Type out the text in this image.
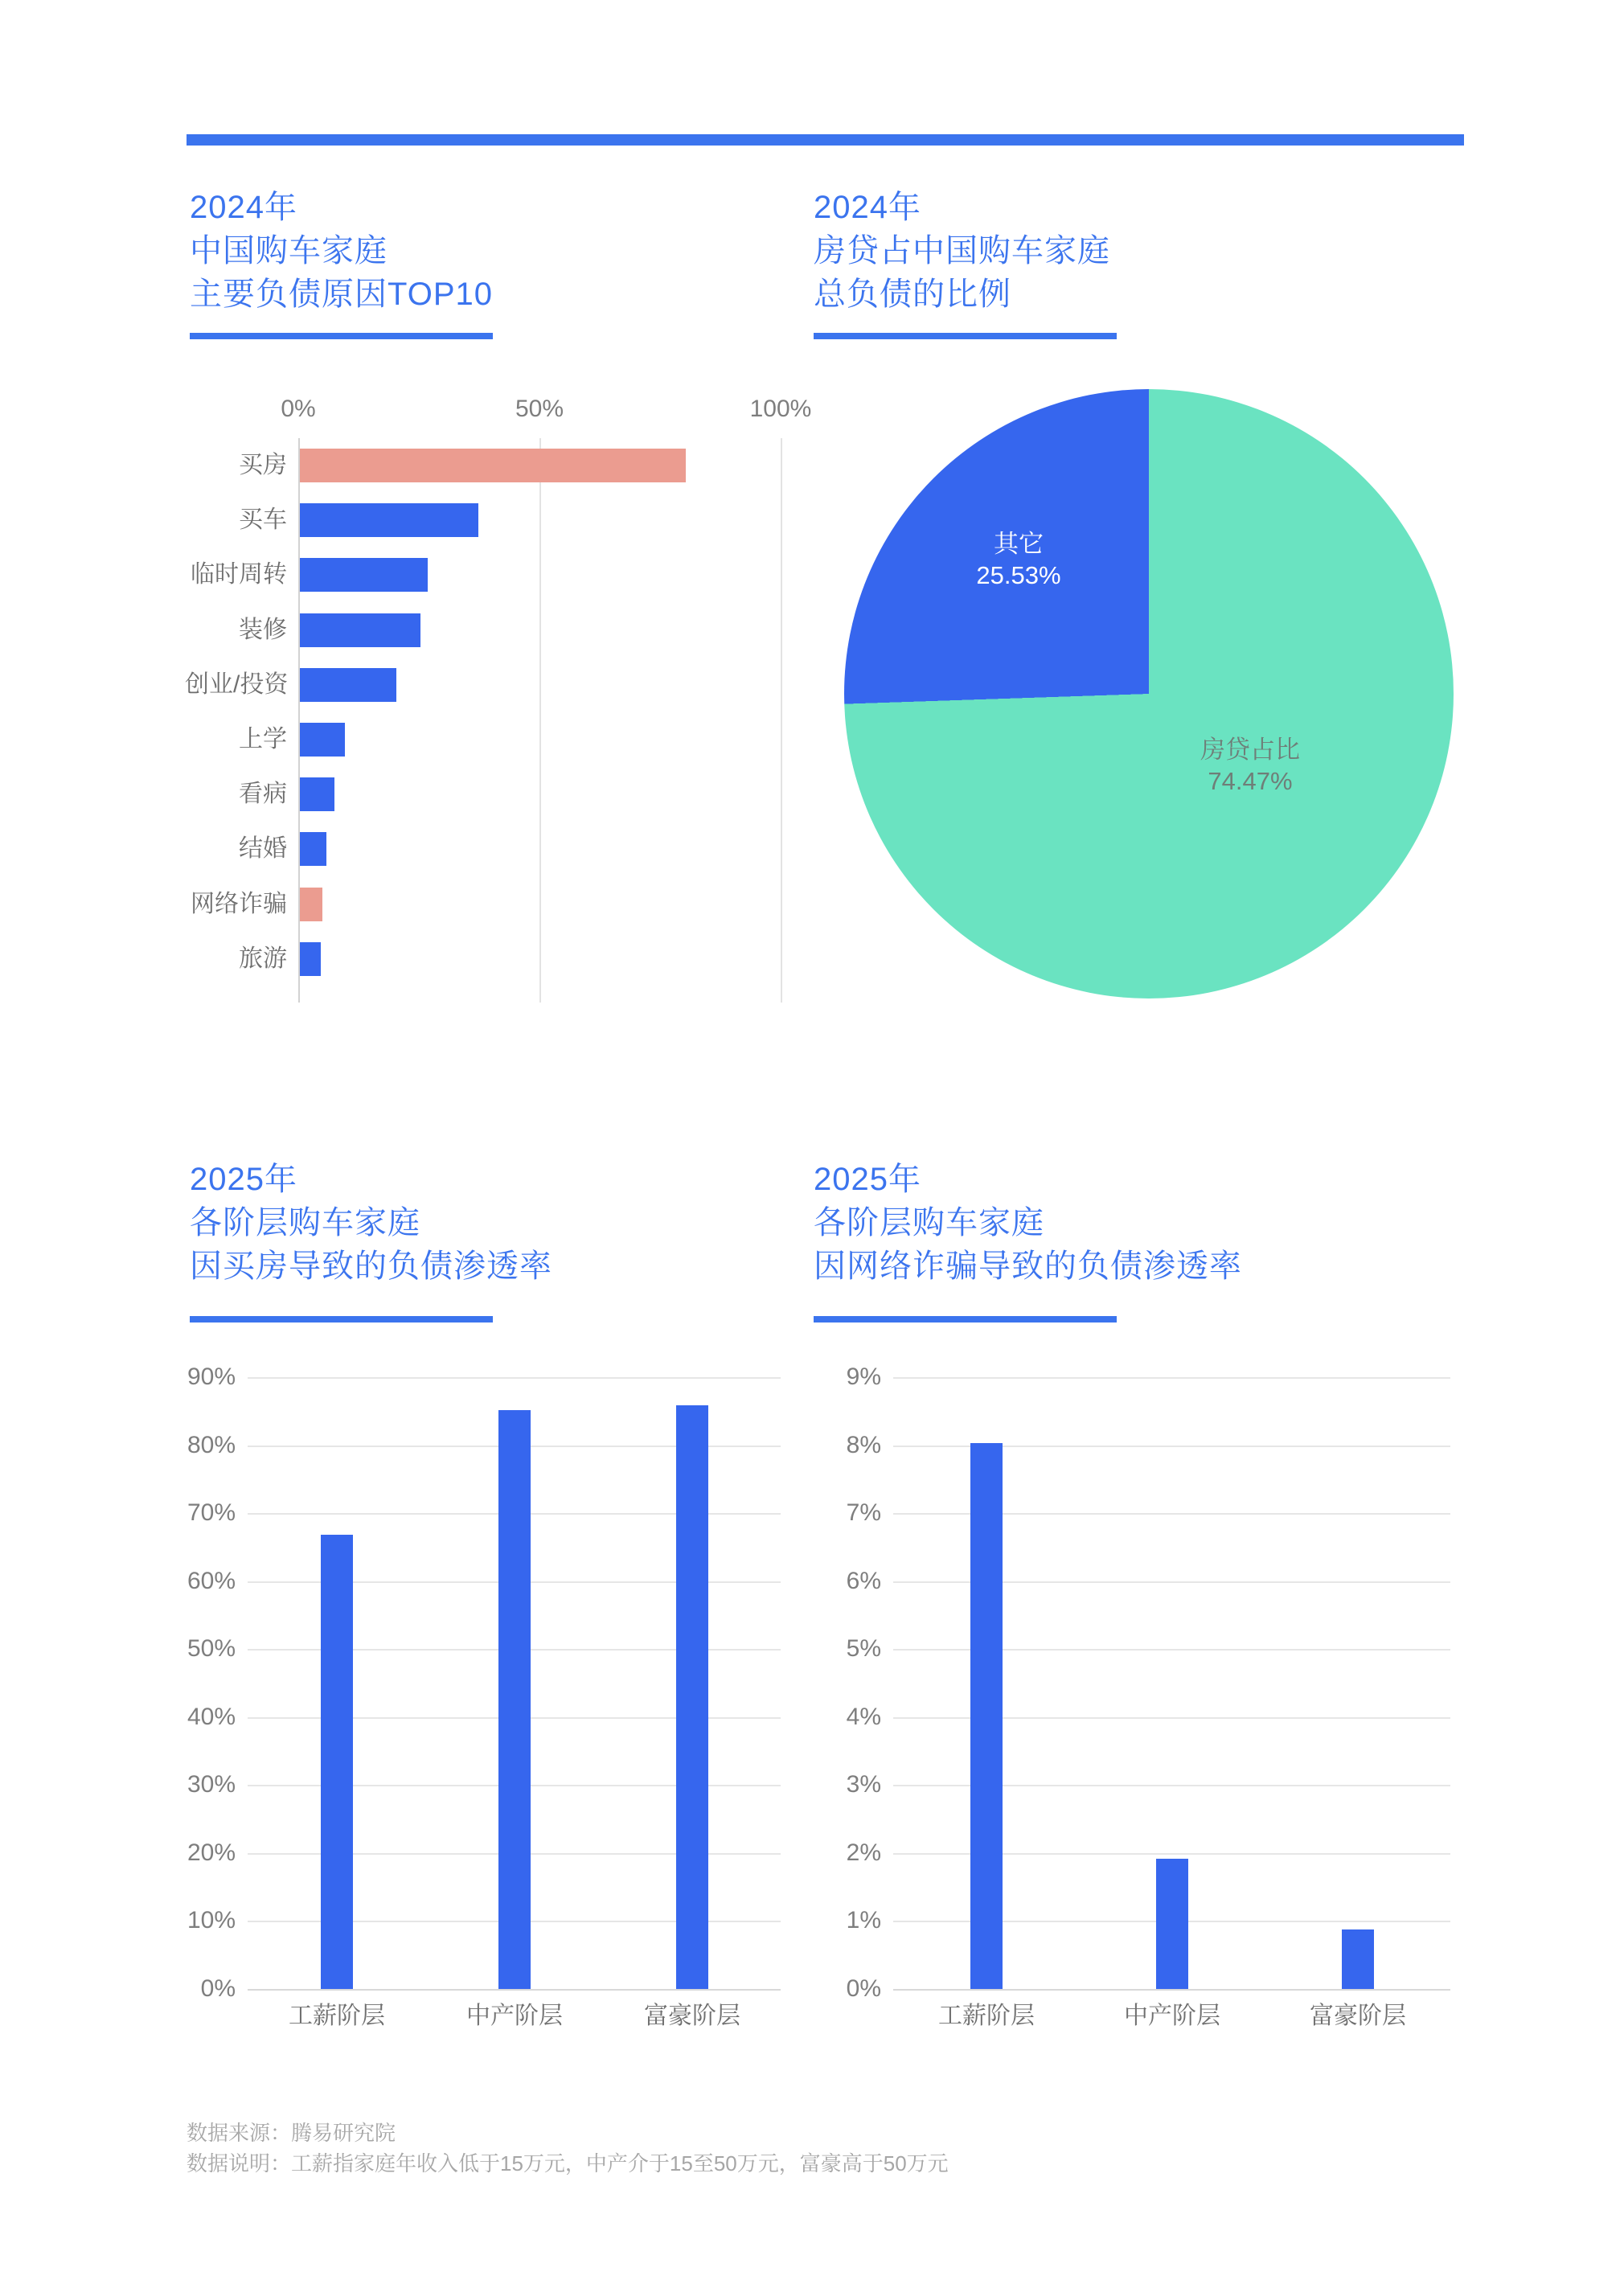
2024年
中国购车家庭
主要负债原因TOP10
2024年
房贷占中国购车家庭
总负债的比例
2025年
各阶层购车家庭
因买房导致的负债渗透率
2025年
各阶层购车家庭
因网络诈骗导致的负债渗透率
0%	50%	100%
买房
买车
临时周转
装修
创业/投资
上学
看病
结婚
网络诈骗
旅游
其它
25.53%
房贷占比
74.47%
0%
10%
20%
30%
40%
50%
60%
70%
80%
90%
工薪阶层	中产阶层	富豪阶层
0%
1%
2%
3%
4%
5%
6%
7%
8%
9%
工薪阶层	中产阶层	富豪阶层
数据来源：腾易研究院
数据说明：工薪指家庭年收入低于15万元，中产介于15至50万元，富豪高于50万元
